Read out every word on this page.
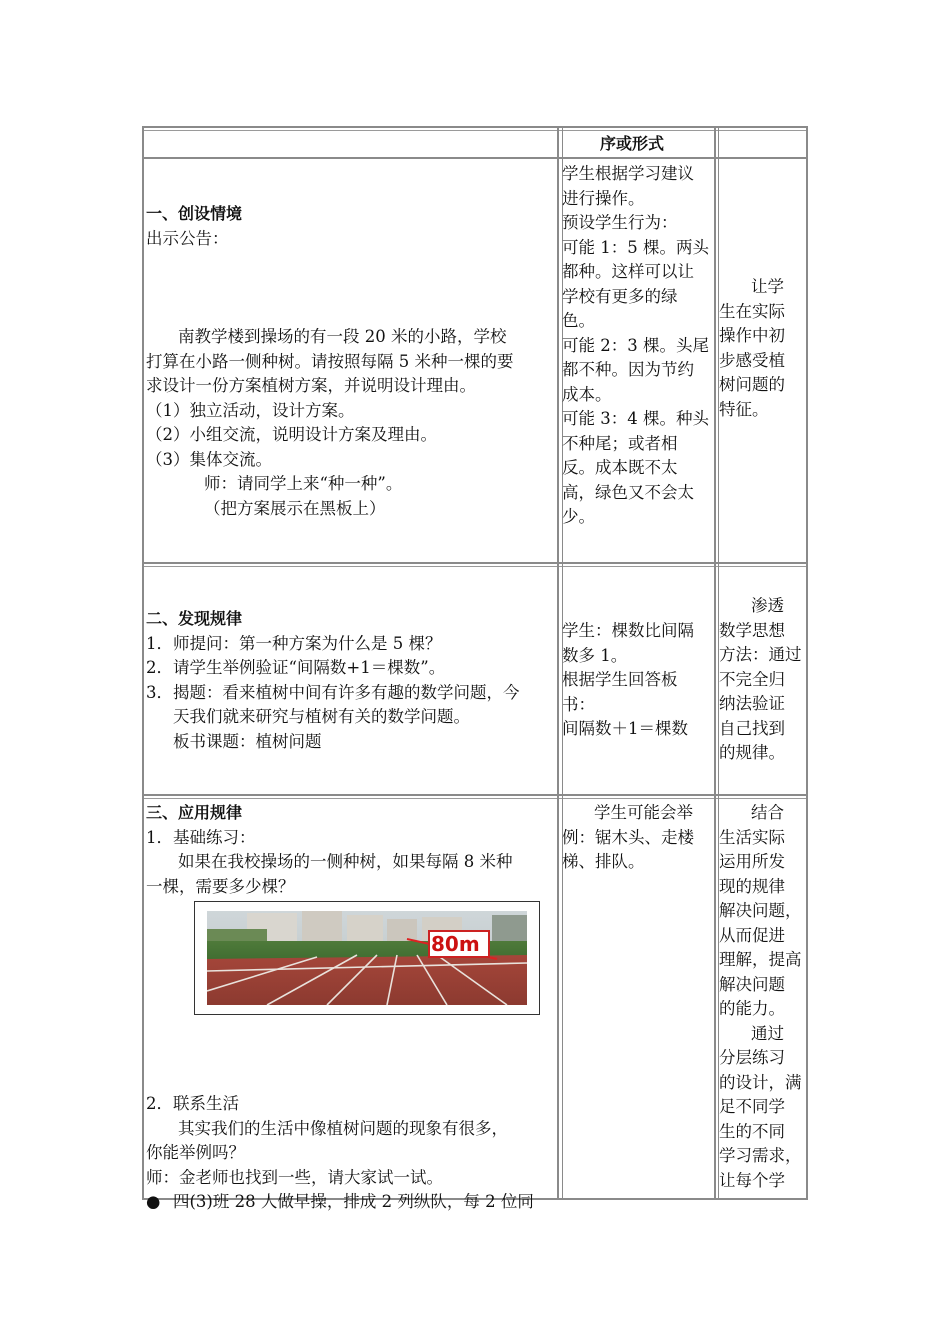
序或形式

一、创设情境

出示公告：

南教学楼到操场的有一段 20 米的小路，学校

打算在小路一侧种树。请按照每隔 5 米种一棵的要

求设计一份方案植树方案，并说明设计理由。

（1）独立活动，设计方案。

（2）小组交流，说明设计方案及理由。

（3）集体交流。

师：请同学上来“种一种”。

（把方案展示在黑板上）

学生根据学习建议

进行操作。

预设学生行为：

可能 1：5 棵。两头

都种。这样可以让

学校有更多的绿

色。

可能 2：3 棵。头尾

都不种。因为节约

成本。

可能 3：4 棵。种头

不种尾；或者相

反。成本既不太

高，绿色又不会太

少。

让学

生在实际

操作中初

步感受植

树问题的

特征。

二、发现规律

1．师提问：第一种方案为什么是 5 棵？

2．请学生举例验证“间隔数+1＝棵数”。

3．揭题：看来植树中间有许多有趣的数学问题，今

天我们就来研究与植树有关的数学问题。

板书课题：植树问题

学生：棵数比间隔

数多 1。

根据学生回答板

书：

间隔数＋1＝棵数

渗透

数学思想

方法：通过

不完全归

纳法验证

自己找到

的规律。

三、应用规律

1．基础练习：

如果在我校操场的一侧种树，如果每隔 8 米种

一棵，需要多少棵？

80m

2．联系生活

其实我们的生活中像植树问题的现象有很多，

你能举例吗？

师：金老师也找到一些，请大家试一试。

● 四(3)班 28 人做早操，排成 2 列纵队，每 2 位同

学生可能会举

例：锯木头、走楼

梯、排队。

结合

生活实际

运用所发

现的规律

解决问题，

从而促进

理解，提高

解决问题

的能力。

通过

分层练习

的设计，满

足不同学

生的不同

学习需求，

让每个学
